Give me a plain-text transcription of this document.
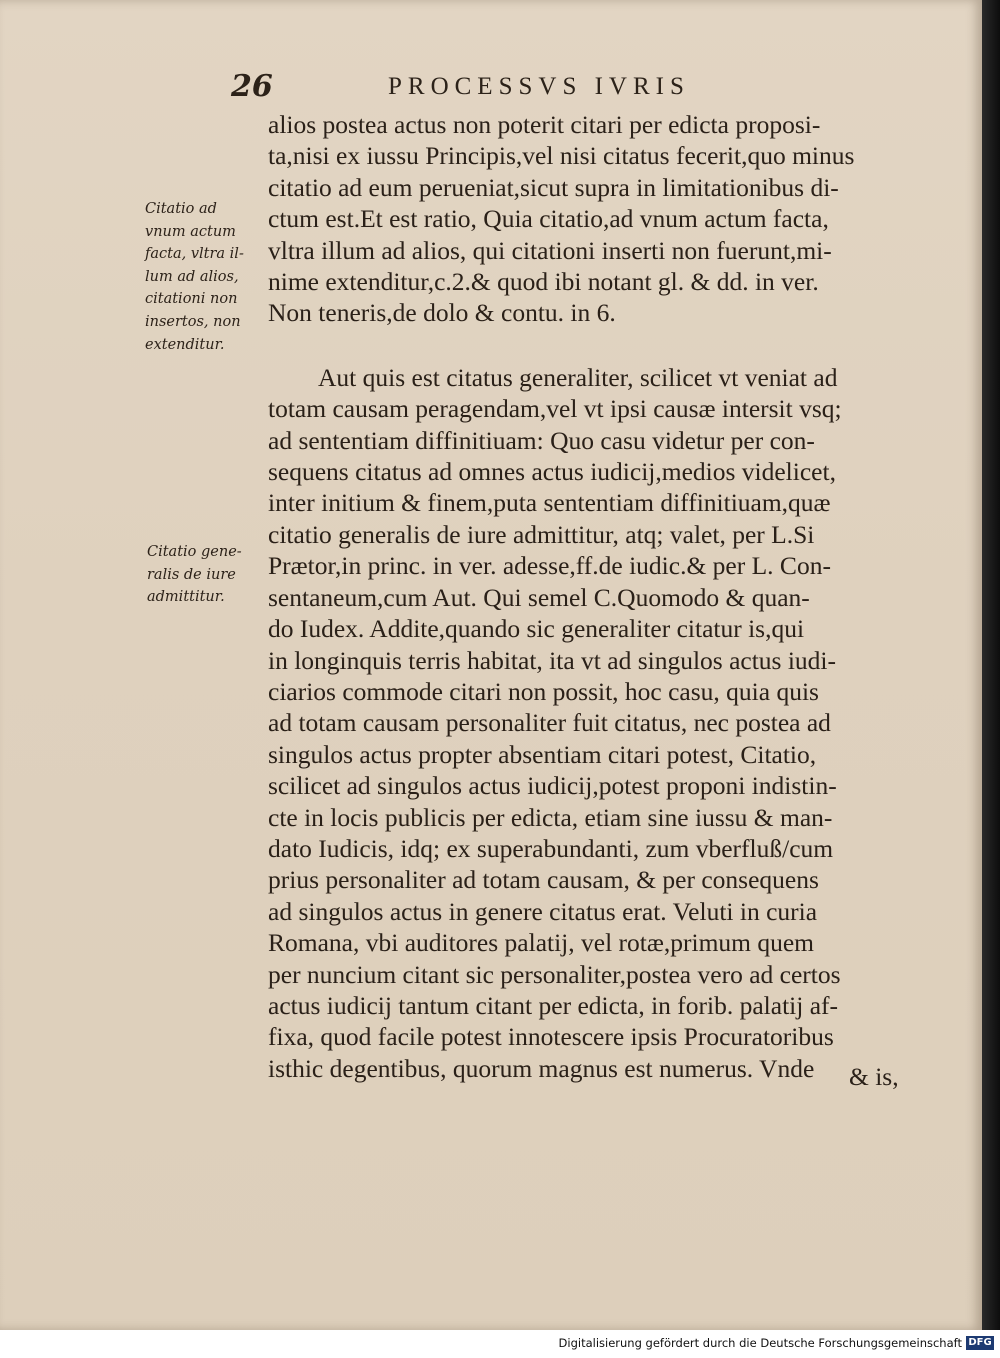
26	PROCESSVS IVRIS
alios postea actus non poterit citari per edicta proposi-
ta,nisi ex iussu Principis,vel nisi citatus fecerit,quo minus
citatio ad eum perueniat,sicut supra in limitationibus di-
ctum est.Et est ratio, Quia citatio,ad vnum actum facta,
vltra illum ad alios, qui citationi inserti non fuerunt,mi-
nime extenditur,c.2.& quod ibi notant gl. & dd. in ver.
Non teneris,de dolo & contu. in 6.
Aut quis est citatus generaliter, scilicet vt veniat ad
totam causam peragendam,vel vt ipsi causæ intersit vsq;
ad sententiam diffinitiuam: Quo casu videtur per con-
sequens citatus ad omnes actus iudicij,medios videlicet,
inter initium & finem,puta sententiam diffinitiuam,quæ
citatio generalis de iure admittitur, atq; valet, per L.Si
Prætor,in princ. in ver. adesse,ff.de iudic.& per L. Con-
sentaneum,cum Aut. Qui semel C.Quomodo & quan-
do Iudex. Addite,quando sic generaliter citatur is,qui
in longinquis terris habitat, ita vt ad singulos actus iudi-
ciarios commode citari non possit, hoc casu, quia quis
ad totam causam personaliter fuit citatus, nec postea ad
singulos actus propter absentiam citari potest, Citatio,
scilicet ad singulos actus iudicij,potest proponi indistin-
cte in locis publicis per edicta, etiam sine iussu & man-
dato Iudicis, idq; ex superabundanti, zum vberfluß/cum
prius personaliter ad totam causam, & per consequens
ad singulos actus in genere citatus erat. Veluti in curia
Romana, vbi auditores palatij, vel rotæ,primum quem
per nuncium citant sic personaliter,postea vero ad certos
actus iudicij tantum citant per edicta, in forib. palatij af-
fixa, quod facile potest innotescere ipsis Procuratoribus
isthic degentibus, quorum magnus est numerus. Vnde
Citatio ad
vnum actum
facta, vltra il-
lum ad alios,
citationi non
insertos, non
extenditur.
Citatio gene-
ralis de iure
admittitur.
& is,
Digitalisierung gefördert durch die Deutsche Forschungsgemeinschaft DFG
